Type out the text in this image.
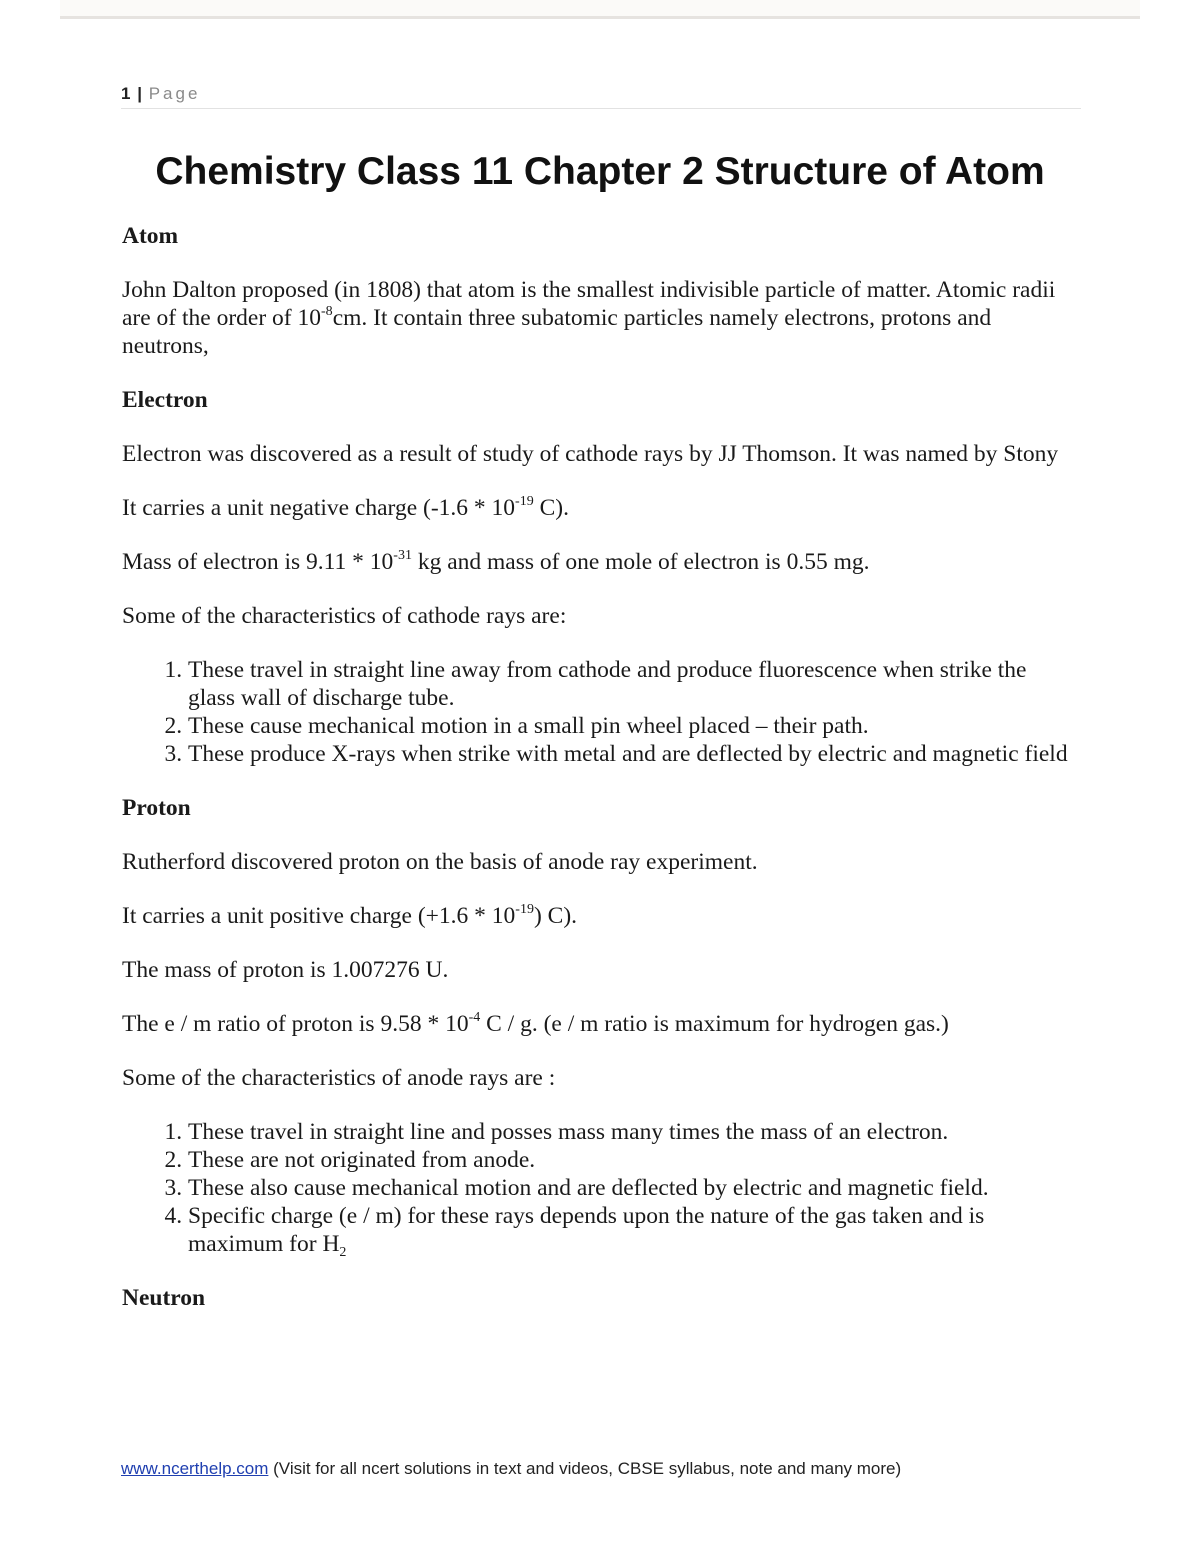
1 | Page
Chemistry Class 11 Chapter 2 Structure of Atom
Atom

John Dalton proposed (in 1808) that atom is the smallest indivisible particle of matter. Atomic radii are of the order of $10^{-8}cm$. It contain three subatomic particles namely electrons, protons and neutrons,

Electron

Electron was discovered as a result of study of cathode rays by JJ Thomson. It was named by Stony

It carries a unit negative charge ($-1.6 * 10^{-19}$ C).

Mass of electron is $9.11 * 10^{-31}$ kg and mass of one mole of electron is 0.55 mg.

Some of the characteristics of cathode rays are:

1. These travel in straight line away from cathode and produce fluorescence when strike the glass wall of discharge tube.
2. These cause mechanical motion in a small pin wheel placed – their path.
3. These produce X-rays when strike with metal and are deflected by electric and magnetic field
Proton

Rutherford discovered proton on the basis of anode ray experiment.

It carries a unit positive charge $(+1.6 * 10^{-19})$ C).

The mass of proton is 1.007276 U.

The e / m ratio of proton is $9.58 * 10^{-4}$ C / g. (e / m ratio is maximum for hydrogen gas.)

Some of the characteristics of anode rays are :

1. These travel in straight line and posses mass many times the mass of an electron.
2. These are not originated from anode.
3. These also cause mechanical motion and are deflected by electric and magnetic field.
4. Specific charge (e / m) for these rays depends upon the nature of the gas taken and is maximum for $H_2$
Neutron
www.ncerthelp.com (Visit for all ncert solutions in text and videos, CBSE syllabus, note and many more)
